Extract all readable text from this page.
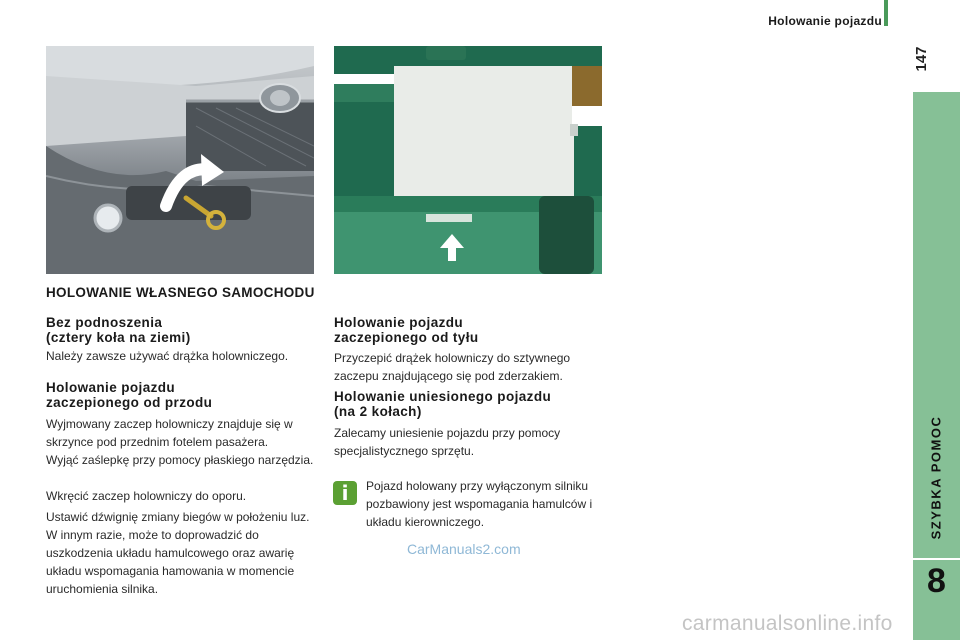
Holowanie pojazdu
147
SZYBKA POMOC
8
HOLOWANIE WŁASNEGO SAMOCHODU
Bez podnoszenia
(cztery koła na ziemi)
Należy zawsze używać drążka holowniczego.
Holowanie pojazdu
zaczepionego od przodu
Wyjmowany zaczep holowniczy znajduje się w skrzynce pod przednim fotelem pasażera.
Wyjąć zaślepkę przy pomocy płaskiego narzędzia.
Wkręcić zaczep holowniczy do oporu.
Ustawić dźwignię zmiany biegów w położeniu luz. W innym razie, może to doprowadzić do uszkodzenia układu hamulcowego oraz awarię układu wspomagania hamowania w momencie uruchomienia silnika.
Holowanie pojazdu
zaczepionego od tyłu
Przyczepić drążek holowniczy do sztywnego zaczepu znajdującego się pod zderzakiem.
Holowanie uniesionego pojazdu
(na 2 kołach)
Zalecamy uniesienie pojazdu przy pomocy specjalistycznego sprzętu.
i	Pojazd holowany przy wyłączonym silniku pozbawiony jest wspomagania hamulców i układu kierowniczego.
CarManuals2.com
carmanualsonline.info
